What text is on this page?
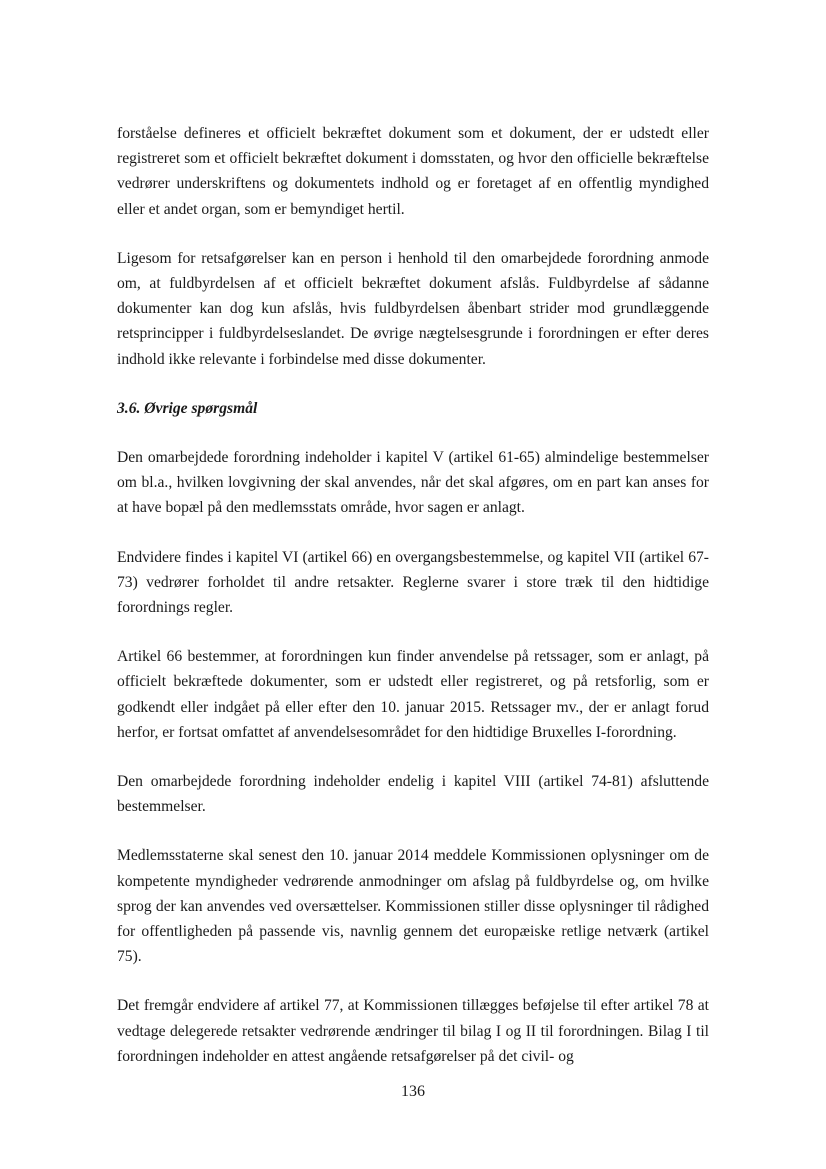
forståelse defineres et officielt bekræftet dokument som et dokument, der er udstedt eller registreret som et officielt bekræftet dokument i domsstaten, og hvor den officielle bekræftelse vedrører underskriftens og dokumentets indhold og er foretaget af en offentlig myndighed eller et andet organ, som er bemyndiget hertil.

Ligesom for retsafgørelser kan en person i henhold til den omarbejdede forordning anmode om, at fuldbyrdelsen af et officielt bekræftet dokument afslås. Fuldbyrdelse af sådanne dokumenter kan dog kun afslås, hvis fuldbyrdelsen åbenbart strider mod grundlæggende retsprincipper i fuldbyrdelseslandet. De øvrige nægtelsesgrunde i forordningen er efter deres indhold ikke relevante i forbindelse med disse dokumenter.

3.6. Øvrige spørgsmål

Den omarbejdede forordning indeholder i kapitel V (artikel 61-65) almindelige bestemmelser om bl.a., hvilken lovgivning der skal anvendes, når det skal afgøres, om en part kan anses for at have bopæl på den medlemsstats område, hvor sagen er anlagt.

Endvidere findes i kapitel VI (artikel 66) en overgangsbestemmelse, og kapitel VII (artikel 67-73) vedrører forholdet til andre retsakter. Reglerne svarer i store træk til den hidtidige forordnings regler.

Artikel 66 bestemmer, at forordningen kun finder anvendelse på retssager, som er anlagt, på officielt bekræftede dokumenter, som er udstedt eller registreret, og på retsforlig, som er godkendt eller indgået på eller efter den 10. januar 2015. Retssager mv., der er anlagt forud herfor, er fortsat omfattet af anvendelsesområdet for den hidtidige Bruxelles I-forordning.

Den omarbejdede forordning indeholder endelig i kapitel VIII (artikel 74-81) afsluttende bestemmelser.

Medlemsstaterne skal senest den 10. januar 2014 meddele Kommissionen oplysninger om de kompetente myndigheder vedrørende anmodninger om afslag på fuldbyrdelse og, om hvilke sprog der kan anvendes ved oversættelser. Kommissionen stiller disse oplysninger til rådighed for offentligheden på passende vis, navnlig gennem det europæiske retlige netværk (artikel 75).

Det fremgår endvidere af artikel 77, at Kommissionen tillægges beføjelse til efter artikel 78 at vedtage delegerede retsakter vedrørende ændringer til bilag I og II til forordningen. Bilag I til forordningen indeholder en attest angående retsafgørelser på det civil- og

136
